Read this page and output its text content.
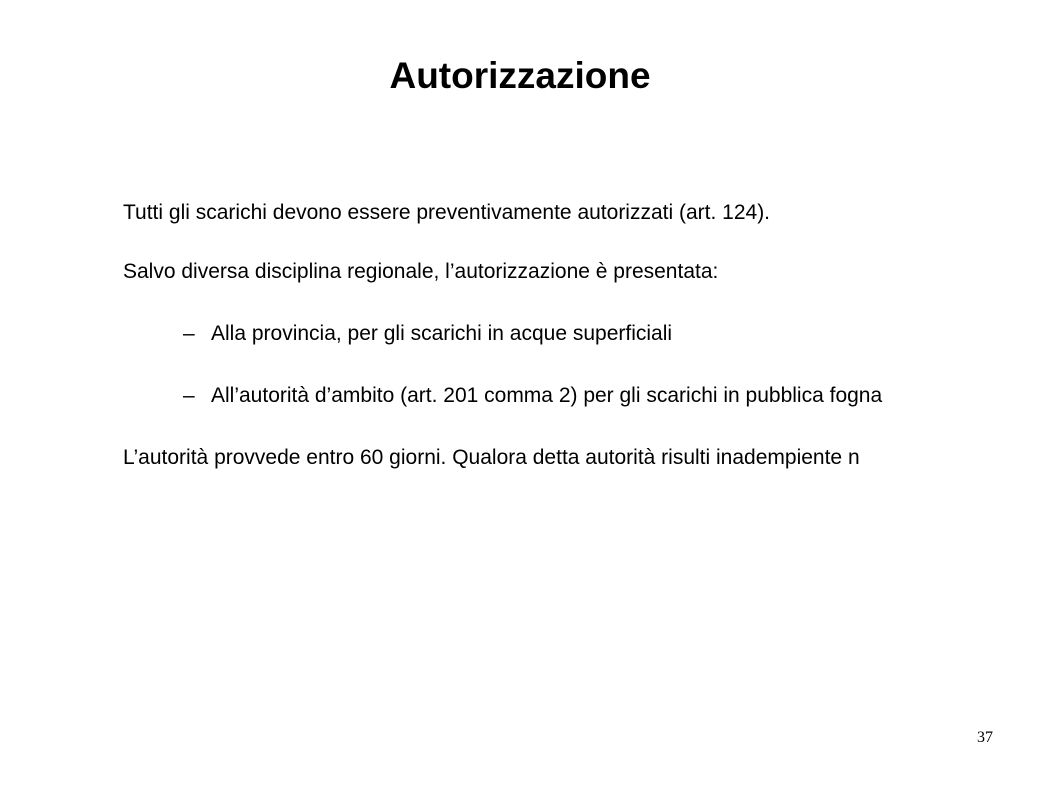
Autorizzazione
Tutti gli scarichi devono essere preventivamente autorizzati (art. 124).
Salvo diversa disciplina regionale, l’autorizzazione è presentata:
– Alla provincia, per gli scarichi in acque superficiali
– All’autorità d’ambito (art. 201 comma 2) per gli scarichi in pubblica fogna
L’autorità provvede entro 60 giorni. Qualora detta autorità risulti inadempiente n
37
